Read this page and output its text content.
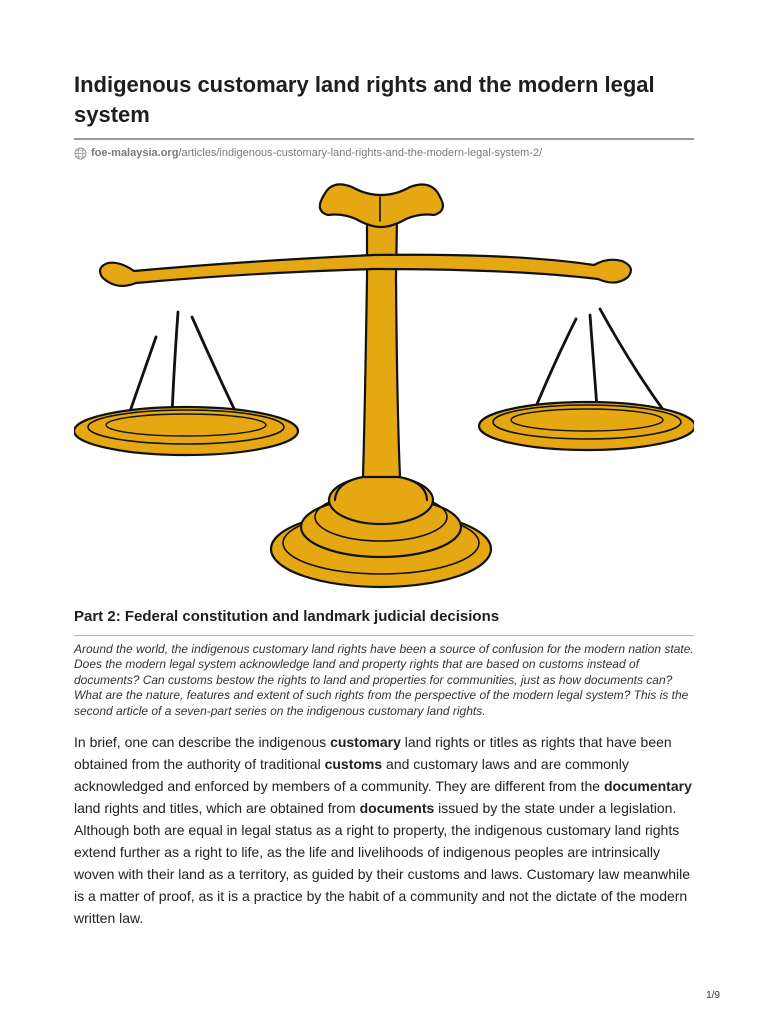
Indigenous customary land rights and the modern legal system
foe-malaysia.org /articles/indigenous-customary-land-rights-and-the-modern-legal-system-2/
Part 2: Federal constitution and landmark judicial decisions

Around the world, the indigenous customary land rights have been a source of confusion for the modern nation state. Does the modern legal system acknowledge land and property rights that are based on customs instead of documents? Can customs bestow the rights to land and properties for communities, just as how documents can? What are the nature, features and extent of such rights from the perspective of the modern legal system? This is the second article of a seven-part series on the indigenous customary land rights.

In brief, one can describe the indigenous customary land rights or titles as rights that have been obtained from the authority of traditional customs and customary laws and are commonly acknowledged and enforced by members of a community. They are different from the documentary land rights and titles, which are obtained from documents issued by the state under a legislation. Although both are equal in legal status as a right to property, the indigenous customary land rights extend further as a right to life, as the life and livelihoods of indigenous peoples are intrinsically woven with their land as a territory, as guided by their customs and laws. Customary law meanwhile is a matter of proof, as it is a practice by the habit of a community and not the dictate of the modern written law.

1/9
